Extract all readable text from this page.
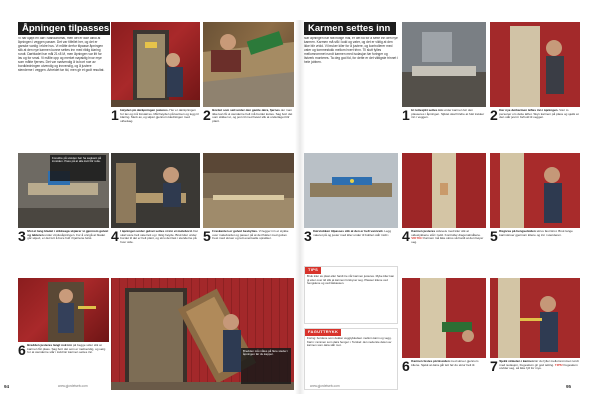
Åpningen tilpasses
Vi har kjøpt en dør i standardmål, men det er ikke alltid at åpningen i veggen passer. Det var tilfellet her, og det er ganske vanlig i eldre hus. Vi måtte derfor tilpasse åpningen slik at den nye karmen kunne settes inn med riktig klaring rundt. Dørbladet har mål 21×8 M, men åpningen var litt for lav og for smal. Vi målte opp og merket nøyaktig hvor mye som måtte fjernes. Det var nødvendig å ta bort noe av bordkledningen utvendig og innvendig, og å justere stenderne i veggen. Arbeidet tar tid, men gir et godt resultat.
1 Høyden på døråpningen justeres. Her er døråpningen for lav og må forstørres. Mål høyden på karmen og legg til klaring. Merk av, og skjær gjennom kledningen med sirkelsag.	2 Bordet som satt under den gamle døra, fjernes der man ikke kan få ut stenderne helt må bordet kuttes. Sag bort det som stikker ut, og jevn til med høvel slik at underlaget blir plant.
Foreldre på utsiden bør ha sagkant på innsiden. Pass på at alle kutt blir rette.
3 Mot et lang bladet i stikksaga skjærer vi gjennom gulvet og lekteren under vindusåpningen. For å unngå at bladet går skjevt, er det lurt å bore hull i hjørnene først.	4 I åpningen under gulvet settes vi inn et møtebord. Det skal være helt vaterrett og i riktig høyde. Bruk kiler under bordet til det er helt plant, og skru det fast i stenderne på hver side.	5 Fraskanten er gulvet beskyttes. Vi legger inn et stykke over møtebordet og passer på at det flukter med gulvet. Fest med skruer og tett eventuelle sprekker.
6 Bredden justeres langt nok inn på begge sider slik at karmen får plass. Sag bort det som er nødvendig, og sørg for at stenderne står i lodd før karmen settes inn.	Bredden må måles på flere steder i åpningen før du kapper.
94	www.gjordetselv.com
Karmen settes inn
Når åpningen har fått riktige mål, er det tid for å sette inn den nye karmen. Karmen må stå i lodd og vater, og det er viktig at den ikke blir vridd. Vi bruker kiler for å justere, og kontrollerer med vater og tommestokk mellom hvert trinn. Til slutt fylles mellomrommet rundt karmen med isolasjon før foringer og listverk monteres. Ta deg god tid, for dette er det viktigste trinnet i hele jobben.
1 Et tettesjikt settes inn under karmen før den plasseres i åpningen. Sjiktet skal hindre at fukt trekker inn i veggen.	2 Der nye dørkarmen løftes inn i åpningen. Vær to personer om dette løftet. Skyv karmen på plass og sjekk at den står jevnt i forhold til veggen.
3 Dørstokken tilpasses slik at den er helt vannrett. Legg vateret på og juster med kiler under til boblen står midt i. 4 Karmen justeres sideveis med kiler slik at sidestykkene står i lodd. Kontroller diagonalmålene. VIKTIG! Karmen må ikke skrus så hardt at den bøyer seg.	5 Regivsa på hengselsiden skrus fast først. Bruk lange karmskruer gjennom kilene og inn i stenderen.
TIPS
Bruk kiler av plast eller hardt tre når karmen justeres. Myke kiler kan gi etter over tid slik at karmen forskyver seg. Plasser kilene ved hengslene og ved låskassen.
FAGUTTRYKK
Foring: bordene som dekker veggtykkelsen mellom karm og vegg. Karm: rammen som døra henger i. Terskel: den nederste delen av karmen som døra slår mot.
6 Karmen festes på låssiden med skruer gjennom kilene. Sjekk at døra går lett før du skrur helt til.	7 Sjekk vinkelen i karmen før du fyller mellomrommet rundt med isolasjon. Fugeskum gir god tetting. TIPS! Fugeskum utvider seg, så ikke fyll for mye.
www.gjordetselv.com	95
